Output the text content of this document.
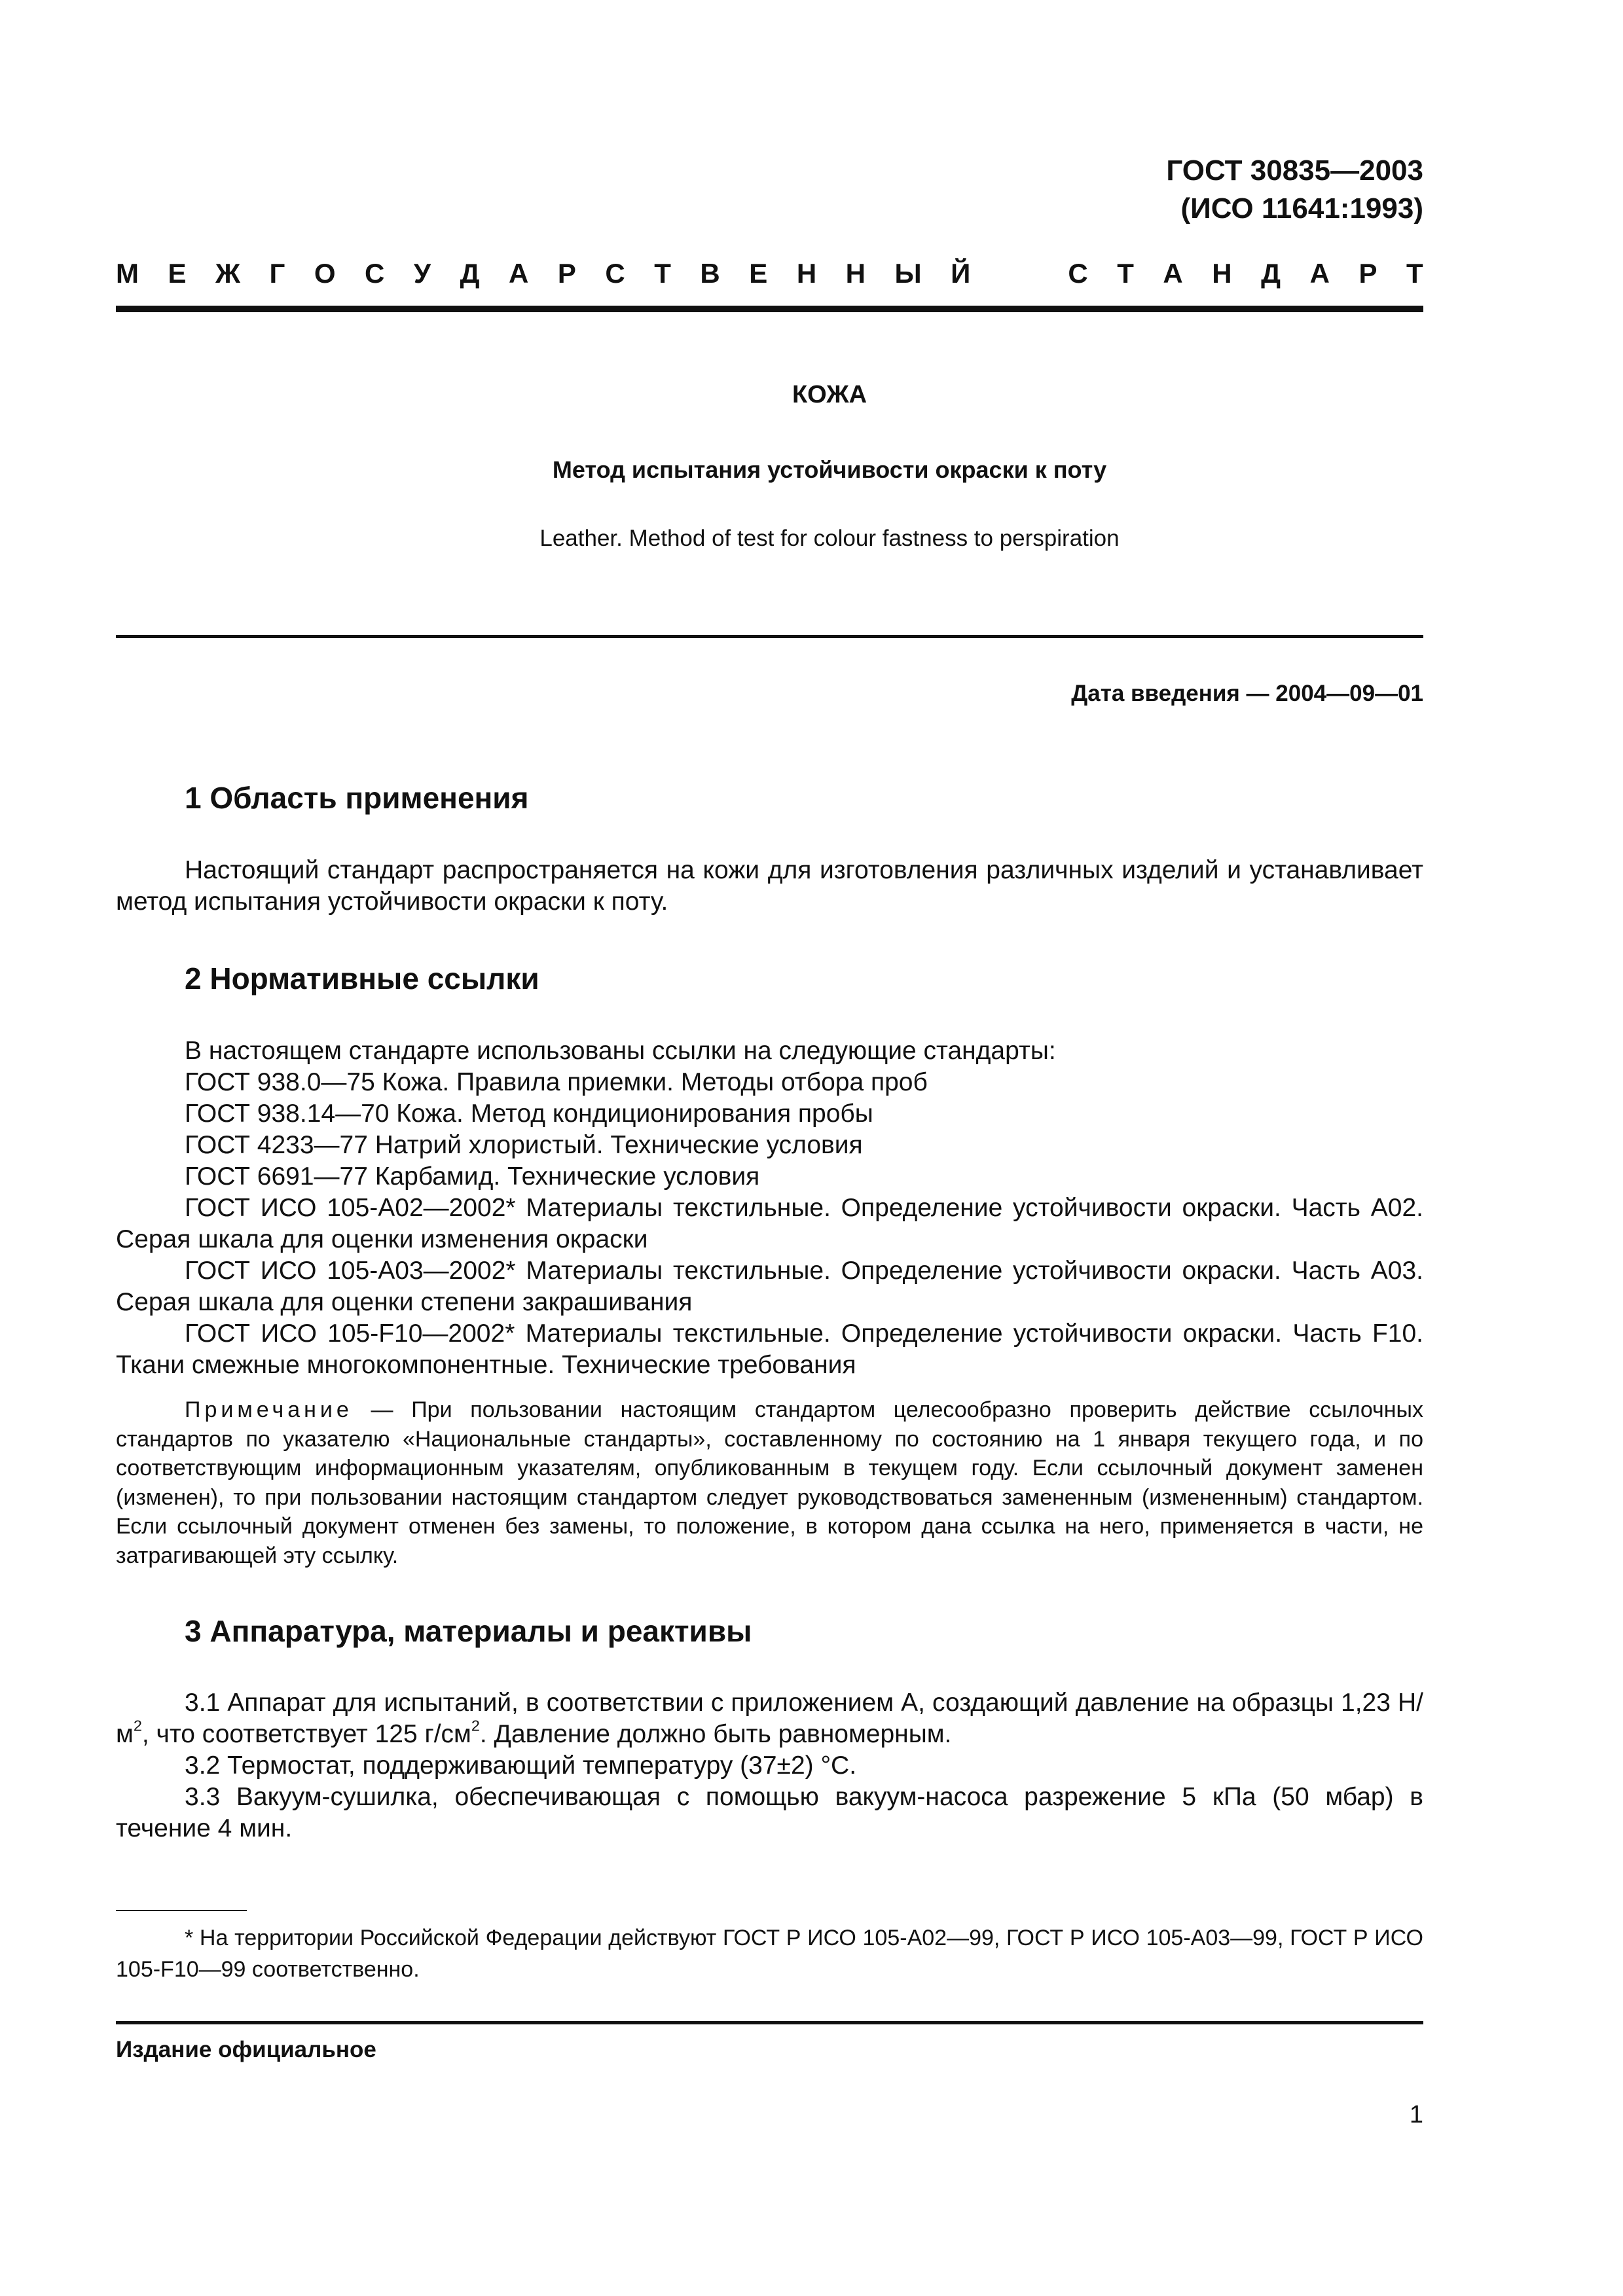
ГОСТ 30835—2003
(ИСО 11641:1993)
М Е Ж Г О С У Д А Р С Т В Е Н Н Ы Й	С Т А Н Д А Р Т
КОЖА
Метод испытания устойчивости окраски к поту
Leather. Method of test for colour fastness to perspiration
Дата введения — 2004—09—01
1 Область применения

Настоящий стандарт распространяется на кожи для изготовления различных изделий и устанавливает метод испытания устойчивости окраски к поту.

2 Нормативные ссылки

В настоящем стандарте использованы ссылки на следующие стандарты:

ГОСТ 938.0—75 Кожа. Правила приемки. Методы отбора проб

ГОСТ 938.14—70 Кожа. Метод кондиционирования пробы

ГОСТ 4233—77 Натрий хлористый. Технические условия

ГОСТ 6691—77 Карбамид. Технические условия

ГОСТ ИСО 105-А02—2002* Материалы текстильные. Определение устойчивости окраски. Часть А02. Серая шкала для оценки изменения окраски

ГОСТ ИСО 105-А03—2002* Материалы текстильные. Определение устойчивости окраски. Часть А03. Серая шкала для оценки степени закрашивания

ГОСТ ИСО 105-F10—2002* Материалы текстильные. Определение устойчивости окраски. Часть F10. Ткани смежные многокомпонентные. Технические требования

Примечание — При пользовании настоящим стандартом целесообразно проверить действие ссылочных стандартов по указателю «Национальные стандарты», составленному по состоянию на 1 января текущего года, и по соответствующим информационным указателям, опубликованным в текущем году. Если ссылочный документ заменен (изменен), то при пользовании настоящим стандартом следует руководствоваться замененным (измененным) стандартом. Если ссылочный документ отменен без замены, то положение, в котором дана ссылка на него, применяется в части, не затрагивающей эту ссылку.

3 Аппаратура, материалы и реактивы

3.1 Аппарат для испытаний, в соответствии с приложением А, создающий давление на образцы 1,23 $Н/м^2$, что соответствует 125 $г/см^2$. Давление должно быть равномерным.

3.2 Термостат, поддерживающий температуру (37±2) °С.

3.3 Вакуум-сушилка, обеспечивающая с помощью вакуум-насоса разрежение 5 кПа (50 мбар) в течение 4 мин.

* На территории Российской Федерации действуют ГОСТ Р ИСО 105-А02—99, ГОСТ Р ИСО 105-А03—99, ГОСТ Р ИСО 105-F10—99 соответственно.

Издание официальное
1
